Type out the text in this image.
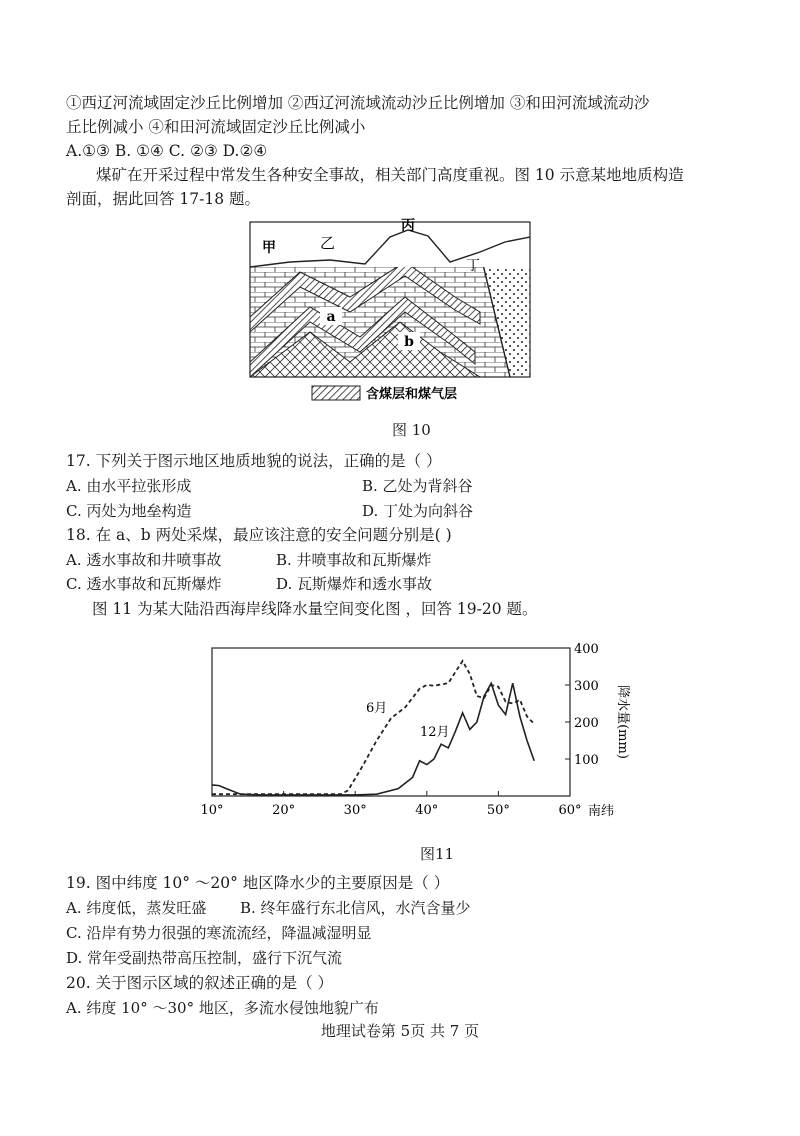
①西辽河流域固定沙丘比例增加 ②西辽河流域流动沙丘比例增加 ③和田河流域流动沙
丘比例减小 ④和田河流域固定沙丘比例减小
A.①③ B. ①④ C. ②③ D.②④
煤矿在开采过程中常发生各种安全事故，相关部门高度重视。图 10 示意某地地质构造
剖面，据此回答 17-18 题。
a
b
甲	乙
丙
丁
含煤层和煤气层
图 10
17. 下列关于图示地区地质地貌的说法，正确的是（ ）
A. 由水平拉张形成	B. 乙处为背斜谷
C. 丙处为地垒构造	D. 丁处为向斜谷
18. 在 a、b 两处采煤，最应该注意的安全问题分别是( )
A. 透水事故和井喷事故	B. 井喷事故和瓦斯爆炸
C. 透水事故和瓦斯爆炸	D. 瓦斯爆炸和透水事故
图 11 为某大陆沿西海岸线降水量空间变化图 ，回答 19-20 题。
10°	20°	30°	40°	50°	60°
100
200
300
400
6月
12月
南纬
降水量(mm)
图11
19. 图中纬度 10° ～20° 地区降水少的主要原因是（ ）
A. 纬度低，蒸发旺盛 B. 终年盛行东北信风，水汽含量少
C. 沿岸有势力很强的寒流流经，降温减湿明显
D. 常年受副热带高压控制，盛行下沉气流
20. 关于图示区域的叙述正确的是（ ）
A. 纬度 10° ～30° 地区，多流水侵蚀地貌广布
地理试卷第 5页 共 7 页
